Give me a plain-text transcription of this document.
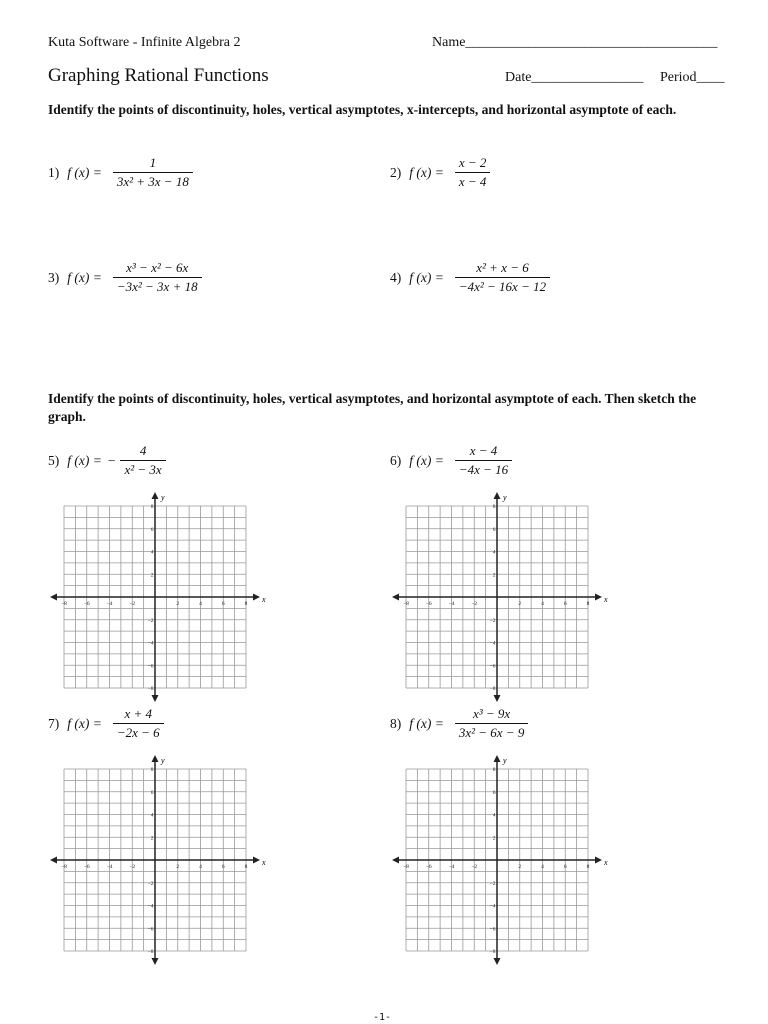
Kuta Software - Infinite Algebra 2	Name____________________________________
Graphing Rational Functions	Date________________ Period____
Identify the points of discontinuity, holes, vertical asymptotes, x-intercepts, and horizontal asymptote of each.
Identify the points of discontinuity, holes, vertical asymptotes, and horizontal asymptote of each. Then sketch the graph.
1) f $(x) = \frac{1}{\text{3x² + 3x − 18}}$	2) f $(x) = \frac{x - 2}{x - 4}$
3) f $(x) = \frac{\text{x³ − x² − 6x}}{\text{−3x² − 3x + 18}}$	4) f $(x) = \frac{\text{x² + x − 6}}{\text{−4x² − 16x − 12}}$
5) f (x) = − $\frac{4}{\text{x² − 3x}}$	6) f $(x) = \frac{x - 4}{-4x - 16}$
7) f $(x) = \frac{x + 4}{-2x - 6}$	8) f $(x) = \frac{\text{x³ − 9x}}{\text{3x² − 6x − 9}}$
x
y
−8
−8
−6
−6
−4
−4
−2
−2
2
2
4
4
6
6
8
8
x
y
−8
−8
−6
−6
−4
−4
−2
−2
2
2
4
4
6
6
8
8
x
y
−8
−8
−6
−6
−4
−4
−2
−2
2
2
4
4
6
6
8
8
x
y
−8
−8
−6
−6
−4
−4
−2
−2
2
2
4
4
6
6
8
8
-1-
